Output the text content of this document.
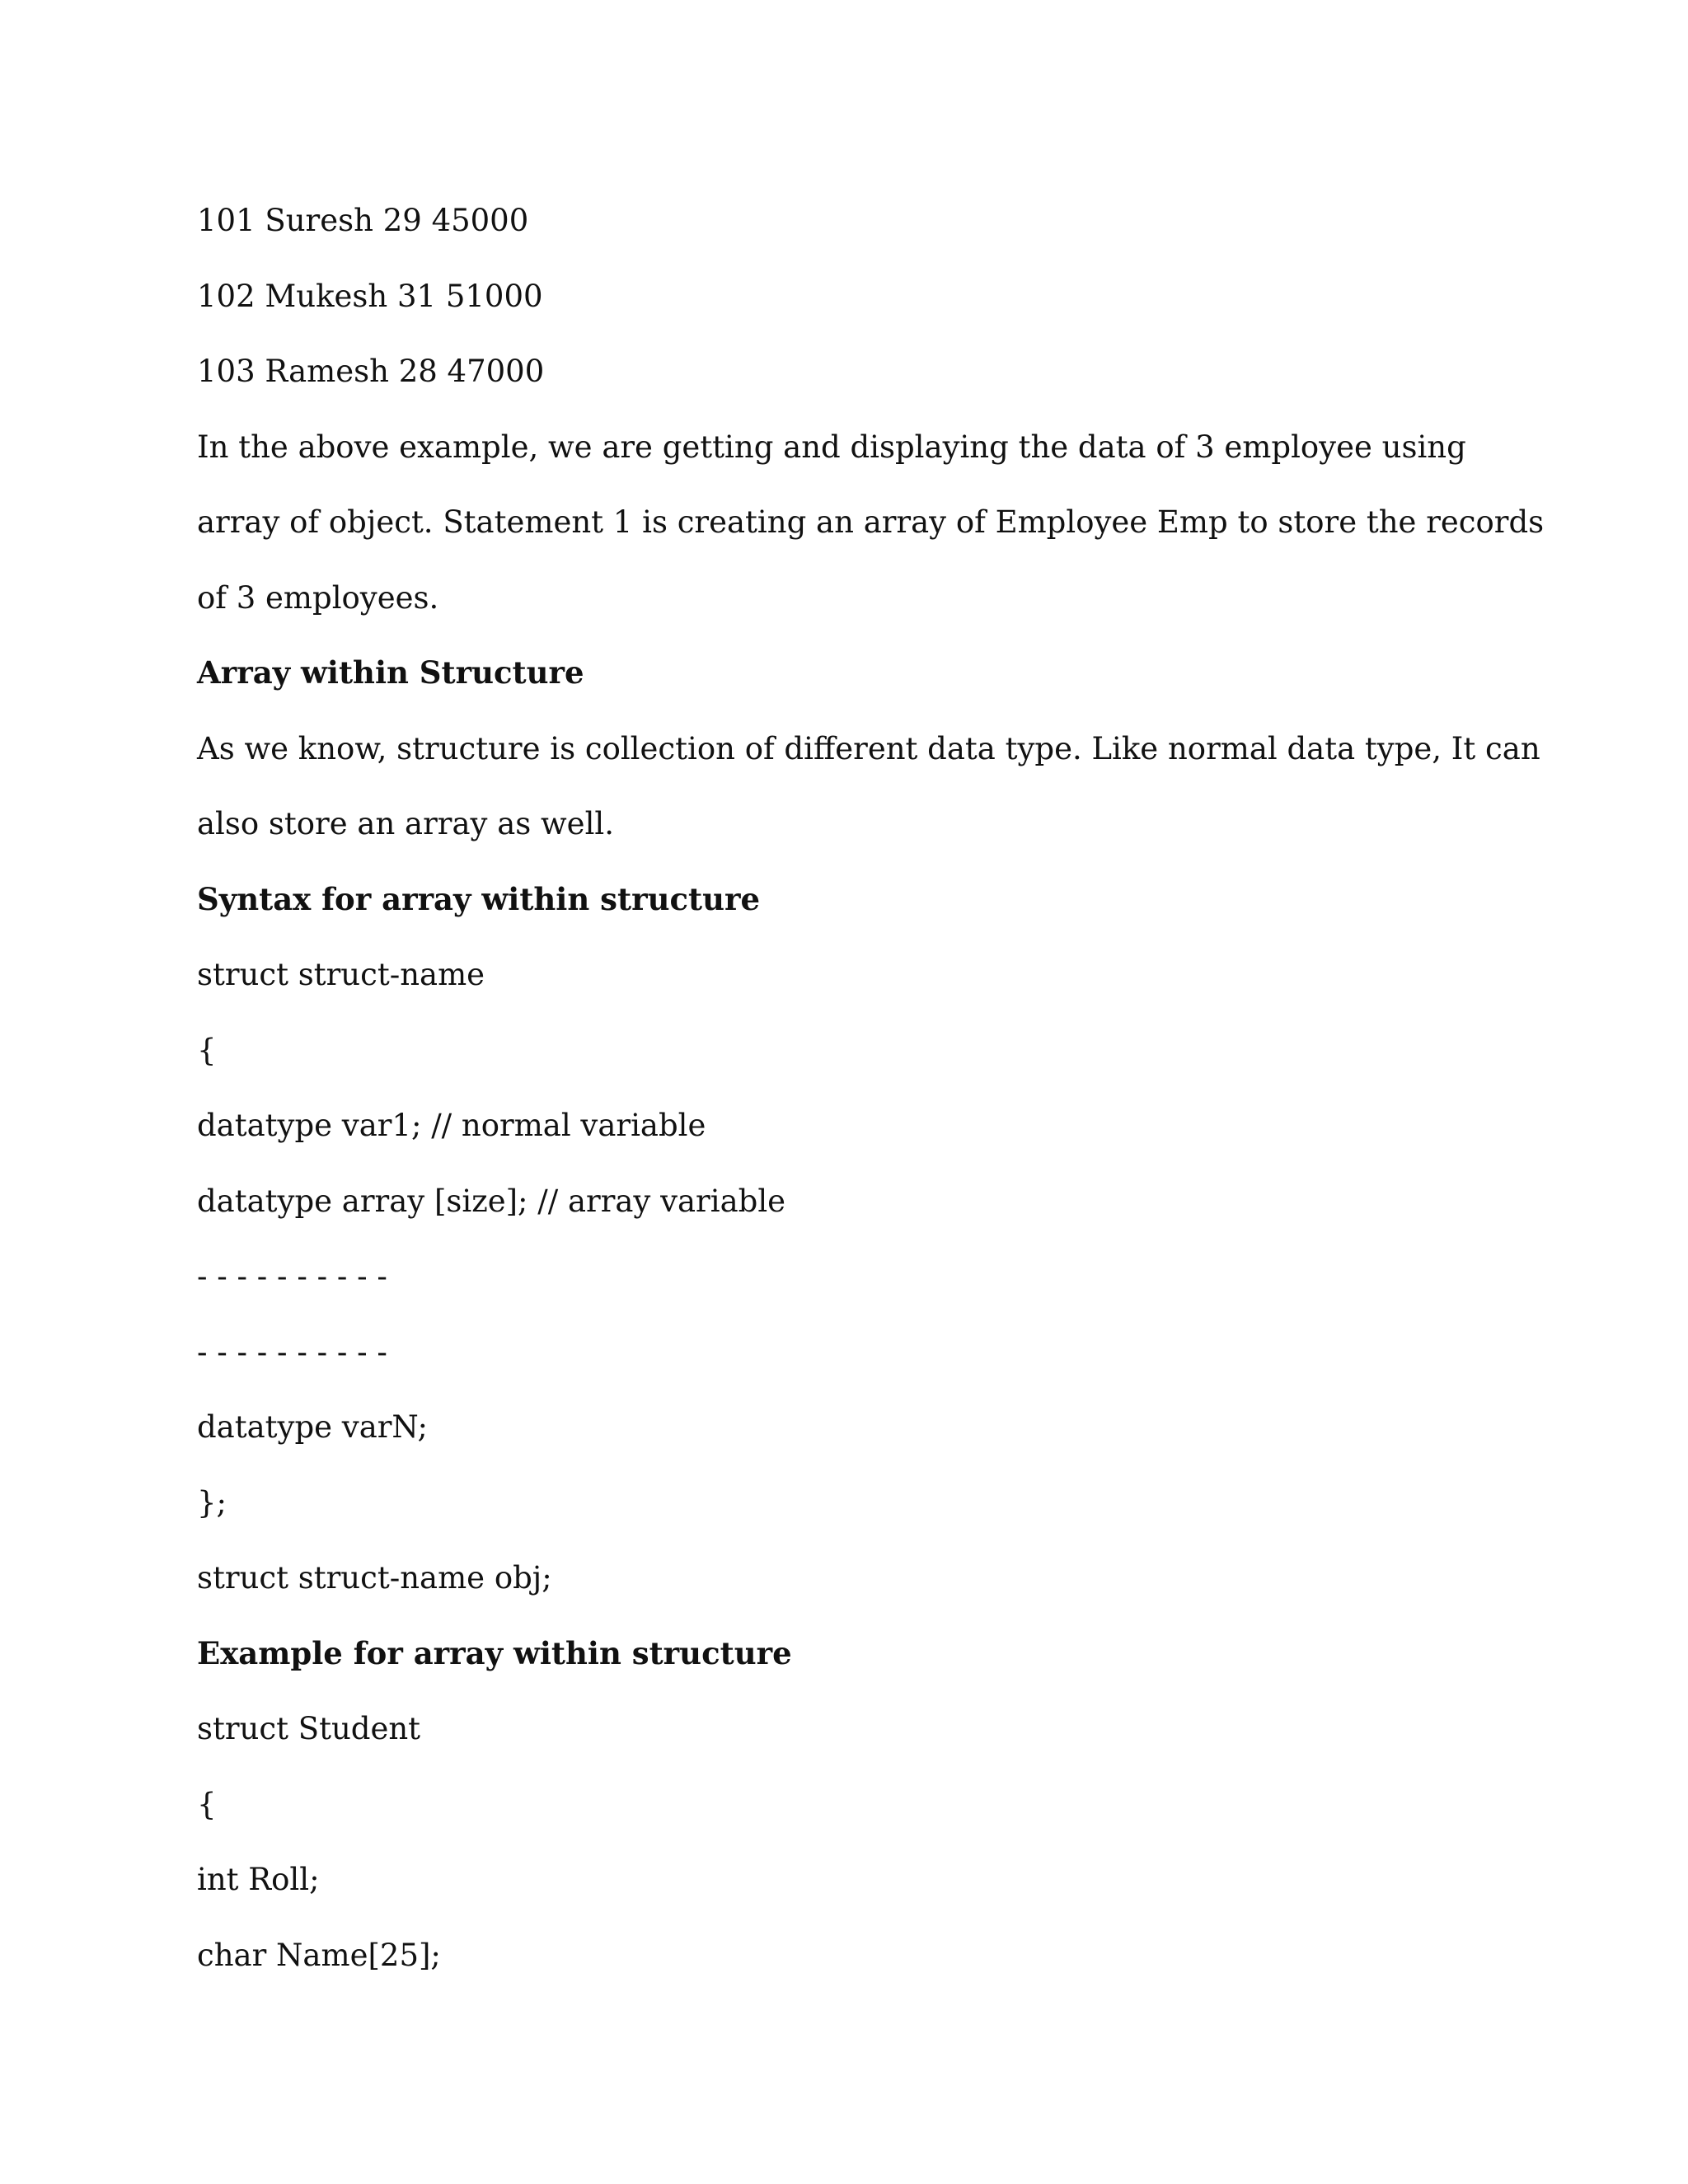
101 Suresh 29 45000

102 Mukesh 31 51000

103 Ramesh 28 47000

In the above example, we are getting and displaying the data of 3 employee using

array of object. Statement 1 is creating an array of Employee Emp to store the records

of 3 employees.

Array within Structure

As we know, structure is collection of different data type. Like normal data type, It can

also store an array as well.

Syntax for array within structure

struct struct-name

{

datatype var1; // normal variable

datatype array [size]; // array variable

- - - - - - - - - -

- - - - - - - - - -

datatype varN;

};

struct struct-name obj;

Example for array within structure

struct Student

{

int Roll;

char Name[25];
